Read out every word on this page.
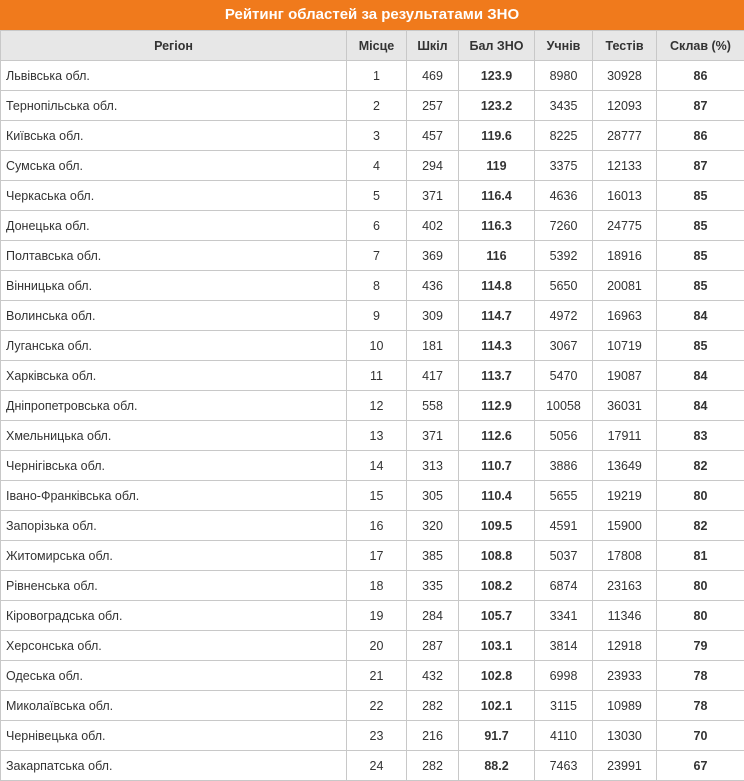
Рейтинг областей за результатами ЗНО
Регіон	Місце	Шкіл	Бал ЗНО	Учнів	Тестів	Склав (%)
Львівська обл.	1	469	123.9	8980	30928	86
Тернопільська обл.	2	257	123.2	3435	12093	87
Київська обл.	3	457	119.6	8225	28777	86
Сумська обл.	4	294	119	3375	12133	87
Черкаська обл.	5	371	116.4	4636	16013	85
Донецька обл.	6	402	116.3	7260	24775	85
Полтавська обл.	7	369	116	5392	18916	85
Вінницька обл.	8	436	114.8	5650	20081	85
Волинська обл.	9	309	114.7	4972	16963	84
Луганська обл.	10	181	114.3	3067	10719	85
Харківська обл.	11	417	113.7	5470	19087	84
Дніпропетровська обл.	12	558	112.9	10058	36031	84
Хмельницька обл.	13	371	112.6	5056	17911	83
Чернігівська обл.	14	313	110.7	3886	13649	82
Івано-Франківська обл.	15	305	110.4	5655	19219	80
Запорізька обл.	16	320	109.5	4591	15900	82
Житомирська обл.	17	385	108.8	5037	17808	81
Рівненська обл.	18	335	108.2	6874	23163	80
Кіровоградська обл.	19	284	105.7	3341	11346	80
Херсонська обл.	20	287	103.1	3814	12918	79
Одеська обл.	21	432	102.8	6998	23933	78
Миколаївська обл.	22	282	102.1	3115	10989	78
Чернівецька обл.	23	216	91.7	4110	13030	70
Закарпатська обл.	24	282	88.2	7463	23991	67
